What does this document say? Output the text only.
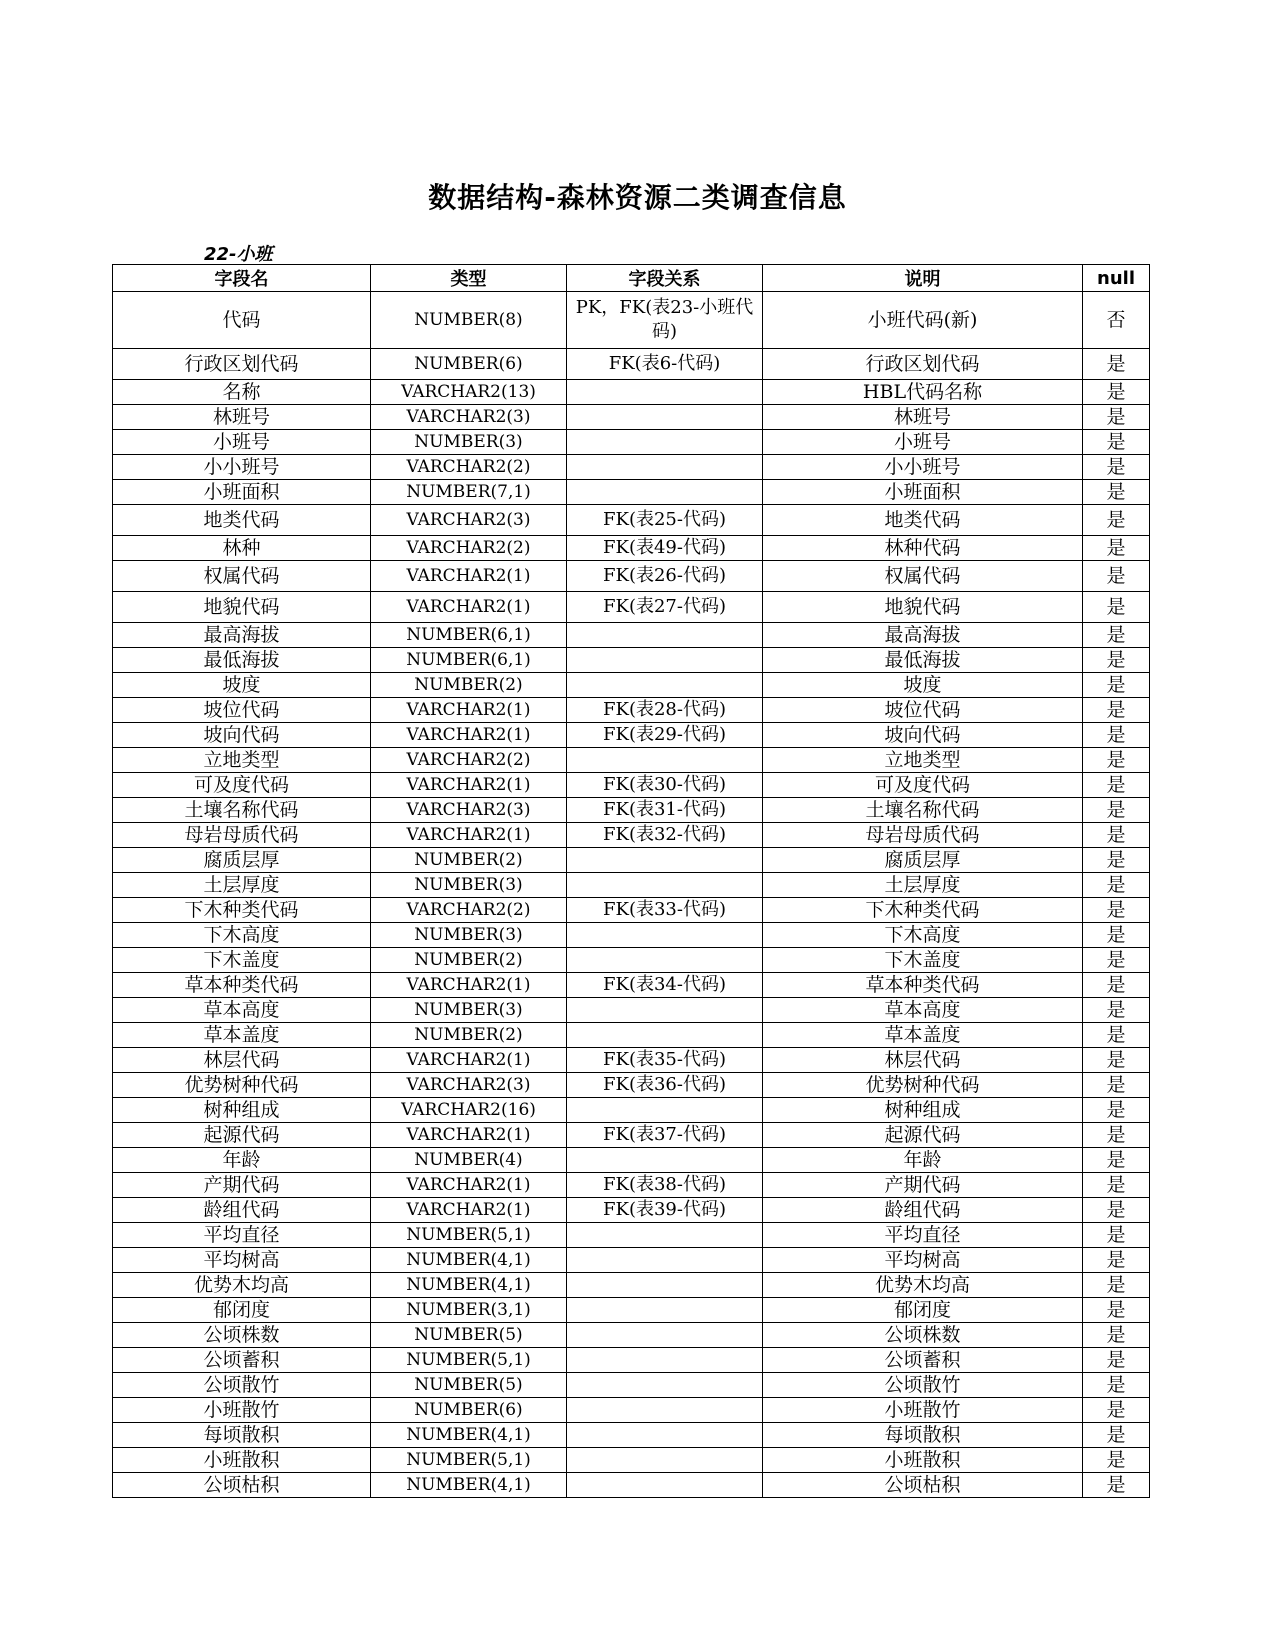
数据结构-森林资源二类调查信息
22-小班
字段名	类型	字段关系	说明	null
代码	NUMBER(8)	PK，FK(表23-小班代码)	小班代码(新)	否
行政区划代码	NUMBER(6)	FK(表6-代码)	行政区划代码	是
名称	VARCHAR2(13)		HBL代码名称	是
林班号	VARCHAR2(3)		林班号	是
小班号	NUMBER(3)		小班号	是
小小班号	VARCHAR2(2)		小小班号	是
小班面积	NUMBER(7,1)		小班面积	是
地类代码	VARCHAR2(3)	FK(表25-代码)	地类代码	是
林种	VARCHAR2(2)	FK(表49-代码)	林种代码	是
权属代码	VARCHAR2(1)	FK(表26-代码)	权属代码	是
地貌代码	VARCHAR2(1)	FK(表27-代码)	地貌代码	是
最高海拔	NUMBER(6,1)		最高海拔	是
最低海拔	NUMBER(6,1)		最低海拔	是
坡度	NUMBER(2)		坡度	是
坡位代码	VARCHAR2(1)	FK(表28-代码)	坡位代码	是
坡向代码	VARCHAR2(1)	FK(表29-代码)	坡向代码	是
立地类型	VARCHAR2(2)		立地类型	是
可及度代码	VARCHAR2(1)	FK(表30-代码)	可及度代码	是
土壤名称代码	VARCHAR2(3)	FK(表31-代码)	土壤名称代码	是
母岩母质代码	VARCHAR2(1)	FK(表32-代码)	母岩母质代码	是
腐质层厚	NUMBER(2)		腐质层厚	是
土层厚度	NUMBER(3)		土层厚度	是
下木种类代码	VARCHAR2(2)	FK(表33-代码)	下木种类代码	是
下木高度	NUMBER(3)		下木高度	是
下木盖度	NUMBER(2)		下木盖度	是
草本种类代码	VARCHAR2(1)	FK(表34-代码)	草本种类代码	是
草本高度	NUMBER(3)		草本高度	是
草本盖度	NUMBER(2)		草本盖度	是
林层代码	VARCHAR2(1)	FK(表35-代码)	林层代码	是
优势树种代码	VARCHAR2(3)	FK(表36-代码)	优势树种代码	是
树种组成	VARCHAR2(16)		树种组成	是
起源代码	VARCHAR2(1)	FK(表37-代码)	起源代码	是
年龄	NUMBER(4)		年龄	是
产期代码	VARCHAR2(1)	FK(表38-代码)	产期代码	是
龄组代码	VARCHAR2(1)	FK(表39-代码)	龄组代码	是
平均直径	NUMBER(5,1)		平均直径	是
平均树高	NUMBER(4,1)		平均树高	是
优势木均高	NUMBER(4,1)		优势木均高	是
郁闭度	NUMBER(3,1)		郁闭度	是
公顷株数	NUMBER(5)		公顷株数	是
公顷蓄积	NUMBER(5,1)		公顷蓄积	是
公顷散竹	NUMBER(5)		公顷散竹	是
小班散竹	NUMBER(6)		小班散竹	是
每顷散积	NUMBER(4,1)		每顷散积	是
小班散积	NUMBER(5,1)		小班散积	是
公顷枯积	NUMBER(4,1)		公顷枯积	是
